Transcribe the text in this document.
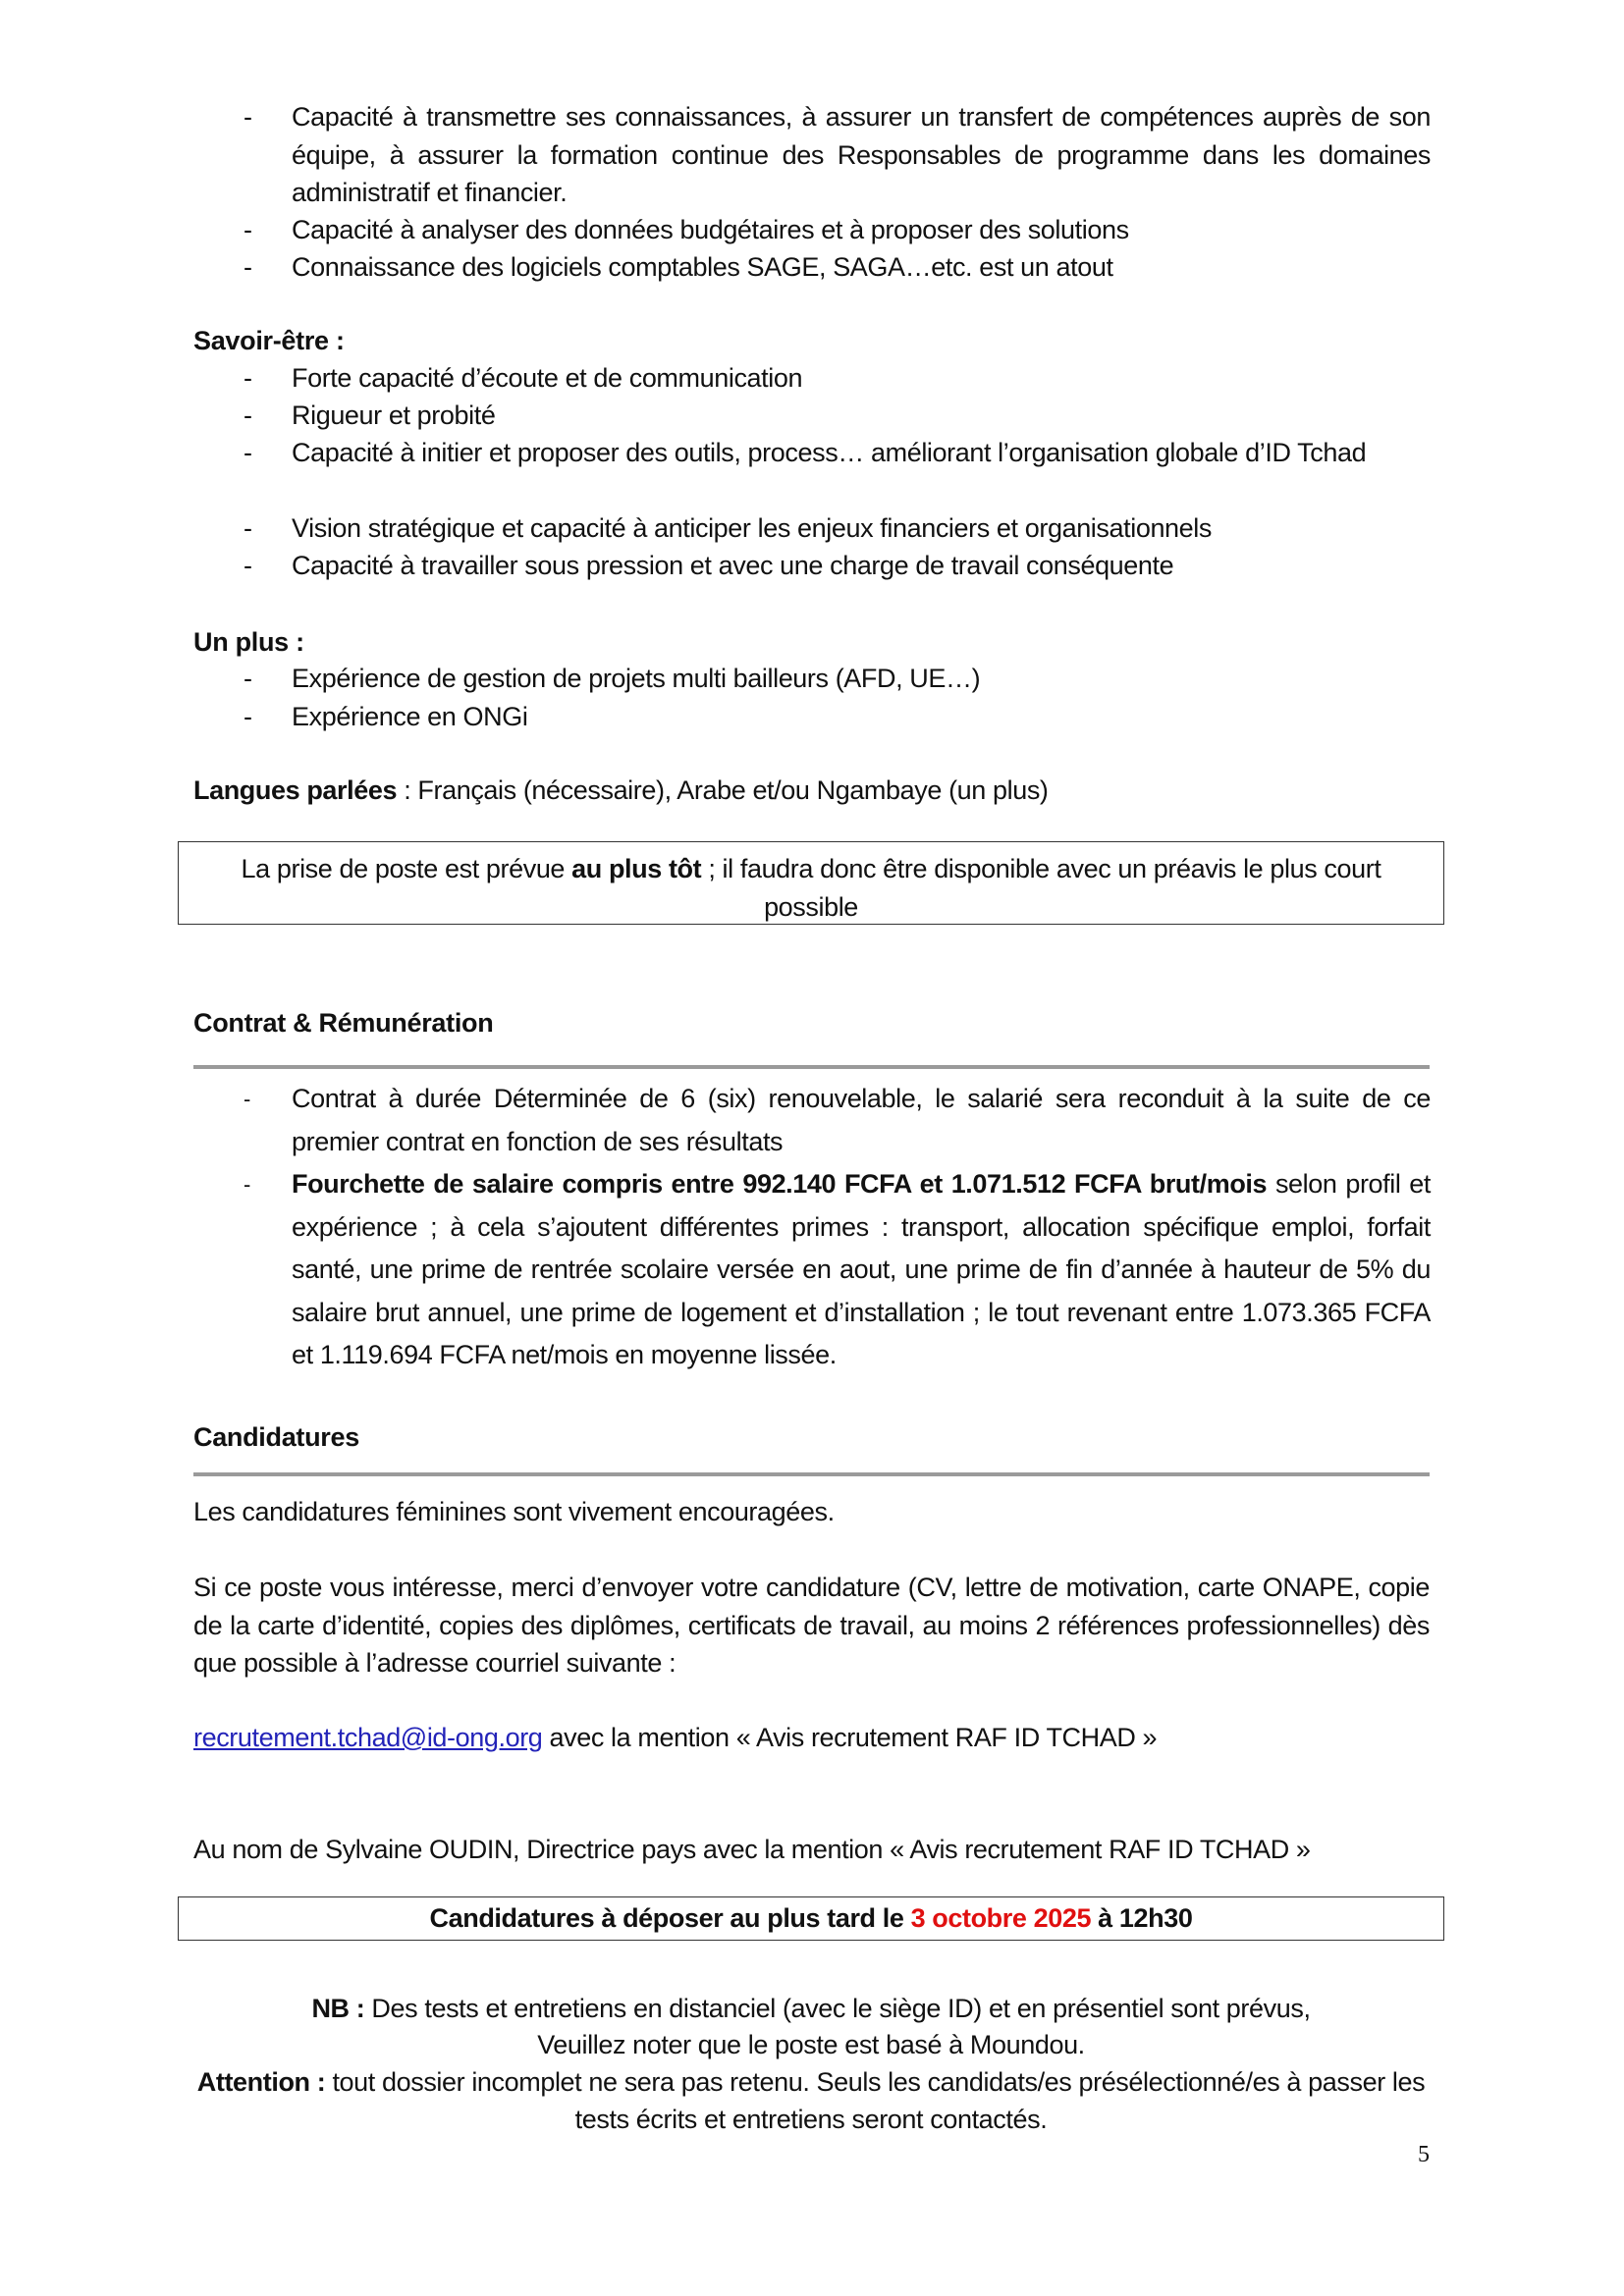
- Capacité à transmettre ses connaissances, à assurer un transfert de compétences auprès de son équipe, à assurer la formation continue des Responsables de programme dans les domaines administratif et financier.
- Capacité à analyser des données budgétaires et à proposer des solutions
- Connaissance des logiciels comptables SAGE, SAGA…etc. est un atout
Savoir-être :
- Forte capacité d’écoute et de communication
- Rigueur et probité
- Capacité à initier et proposer des outils, process… améliorant l’organisation globale d’ID Tchad
- Vision stratégique et capacité à anticiper les enjeux financiers et organisationnels
- Capacité à travailler sous pression et avec une charge de travail conséquente
Un plus :
- Expérience de gestion de projets multi bailleurs (AFD, UE…)
- Expérience en ONGi
Langues parlées : Français (nécessaire), Arabe et/ou Ngambaye (un plus)
La prise de poste est prévue au plus tôt ; il faudra donc être disponible avec un préavis le plus court possible
Contrat & Rémunération
- Contrat à durée Déterminée de 6 (six) renouvelable, le salarié sera reconduit à la suite de ce premier contrat en fonction de ses résultats
- Fourchette de salaire compris entre 992.140 FCFA et 1.071.512 FCFA brut/mois selon profil et expérience ; à cela s’ajoutent différentes primes : transport, allocation spécifique emploi, forfait santé, une prime de rentrée scolaire versée en aout, une prime de fin d’année à hauteur de 5% du salaire brut annuel, une prime de logement et d’installation ; le tout revenant entre 1.073.365 FCFA et 1.119.694 FCFA net/mois en moyenne lissée.
Candidatures
Les candidatures féminines sont vivement encouragées.
Si ce poste vous intéresse, merci d’envoyer votre candidature (CV, lettre de motivation, carte ONAPE, copie de la carte d’identité, copies des diplômes, certificats de travail, au moins 2 références professionnelles) dès que possible à l’adresse courriel suivante :
recrutement.tchad@id-ong.org avec la mention « Avis recrutement RAF ID TCHAD »
Au nom de Sylvaine OUDIN, Directrice pays avec la mention « Avis recrutement RAF ID TCHAD »
Candidatures à déposer au plus tard le 3 octobre 2025 à 12h30
NB : Des tests et entretiens en distanciel (avec le siège ID) et en présentiel sont prévus,
Veuillez noter que le poste est basé à Moundou.
Attention : tout dossier incomplet ne sera pas retenu. Seuls les candidats/es présélectionné/es à passer les tests écrits et entretiens seront contactés.
5
